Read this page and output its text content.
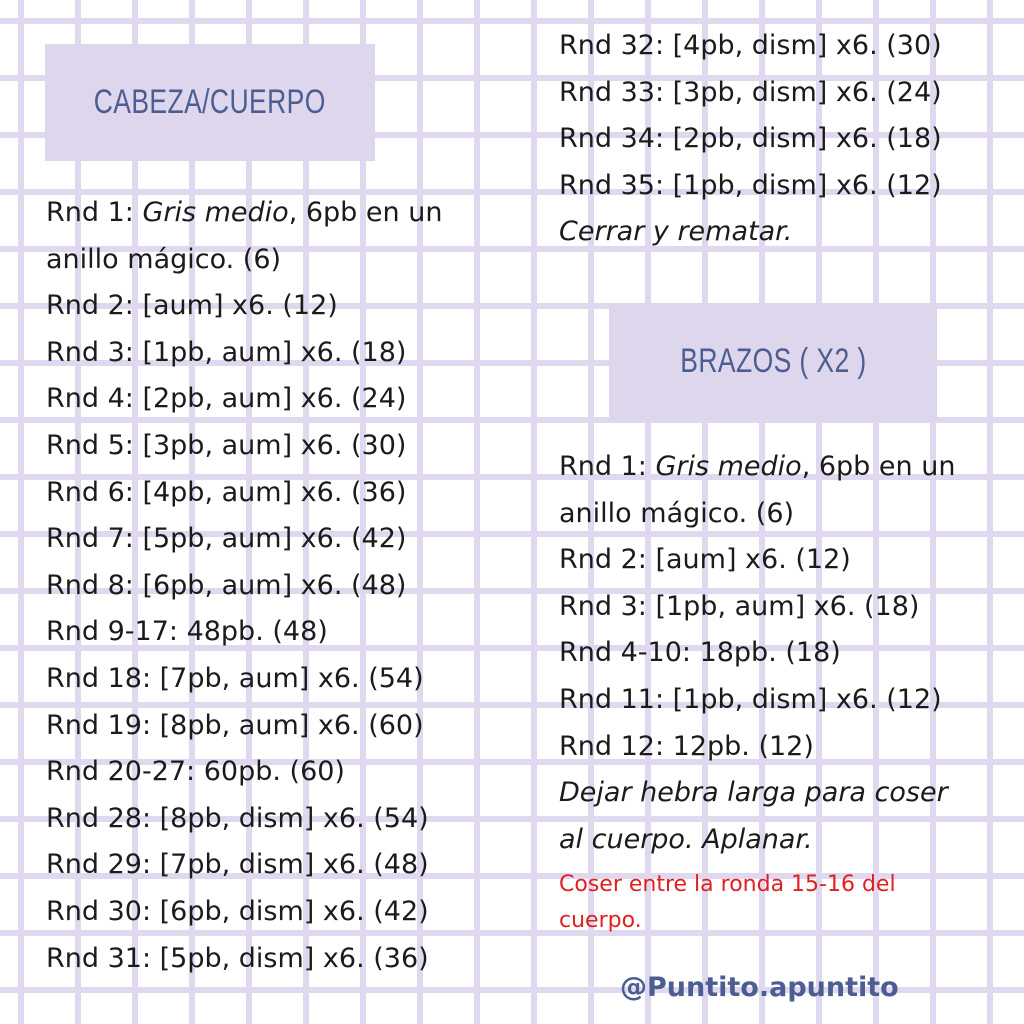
CABEZA/CUERPO
BRAZOS ( X2 )
Rnd 1: Gris medio, 6pb en un anillo mágico. (6)
Rnd 2: [aum] x6. (12)
Rnd 3: [1pb, aum] x6. (18)
Rnd 4: [2pb, aum] x6. (24)
Rnd 5: [3pb, aum] x6. (30)
Rnd 6: [4pb, aum] x6. (36)
Rnd 7: [5pb, aum] x6. (42)
Rnd 8: [6pb, aum] x6. (48)
Rnd 9-17: 48pb. (48)
Rnd 18: [7pb, aum] x6. (54)
Rnd 19: [8pb, aum] x6. (60)
Rnd 20-27: 60pb. (60)
Rnd 28: [8pb, dism] x6. (54)
Rnd 29: [7pb, dism] x6. (48)
Rnd 30: [6pb, dism] x6. (42)
Rnd 31: [5pb, dism] x6. (36)
Rnd 32: [4pb, dism] x6. (30)
Rnd 33: [3pb, dism] x6. (24)
Rnd 34: [2pb, dism] x6. (18)
Rnd 35: [1pb, dism] x6. (12)
Cerrar y rematar.
Rnd 1: Gris medio, 6pb en un anillo mágico. (6)
Rnd 2: [aum] x6. (12)
Rnd 3: [1pb, aum] x6. (18)
Rnd 4-10: 18pb. (18)
Rnd 11: [1pb, dism] x6. (12)
Rnd 12: 12pb. (12)
Dejar hebra larga para coser al cuerpo. Aplanar.
Coser entre la ronda 15-16 del cuerpo.
@Puntito.apuntito
